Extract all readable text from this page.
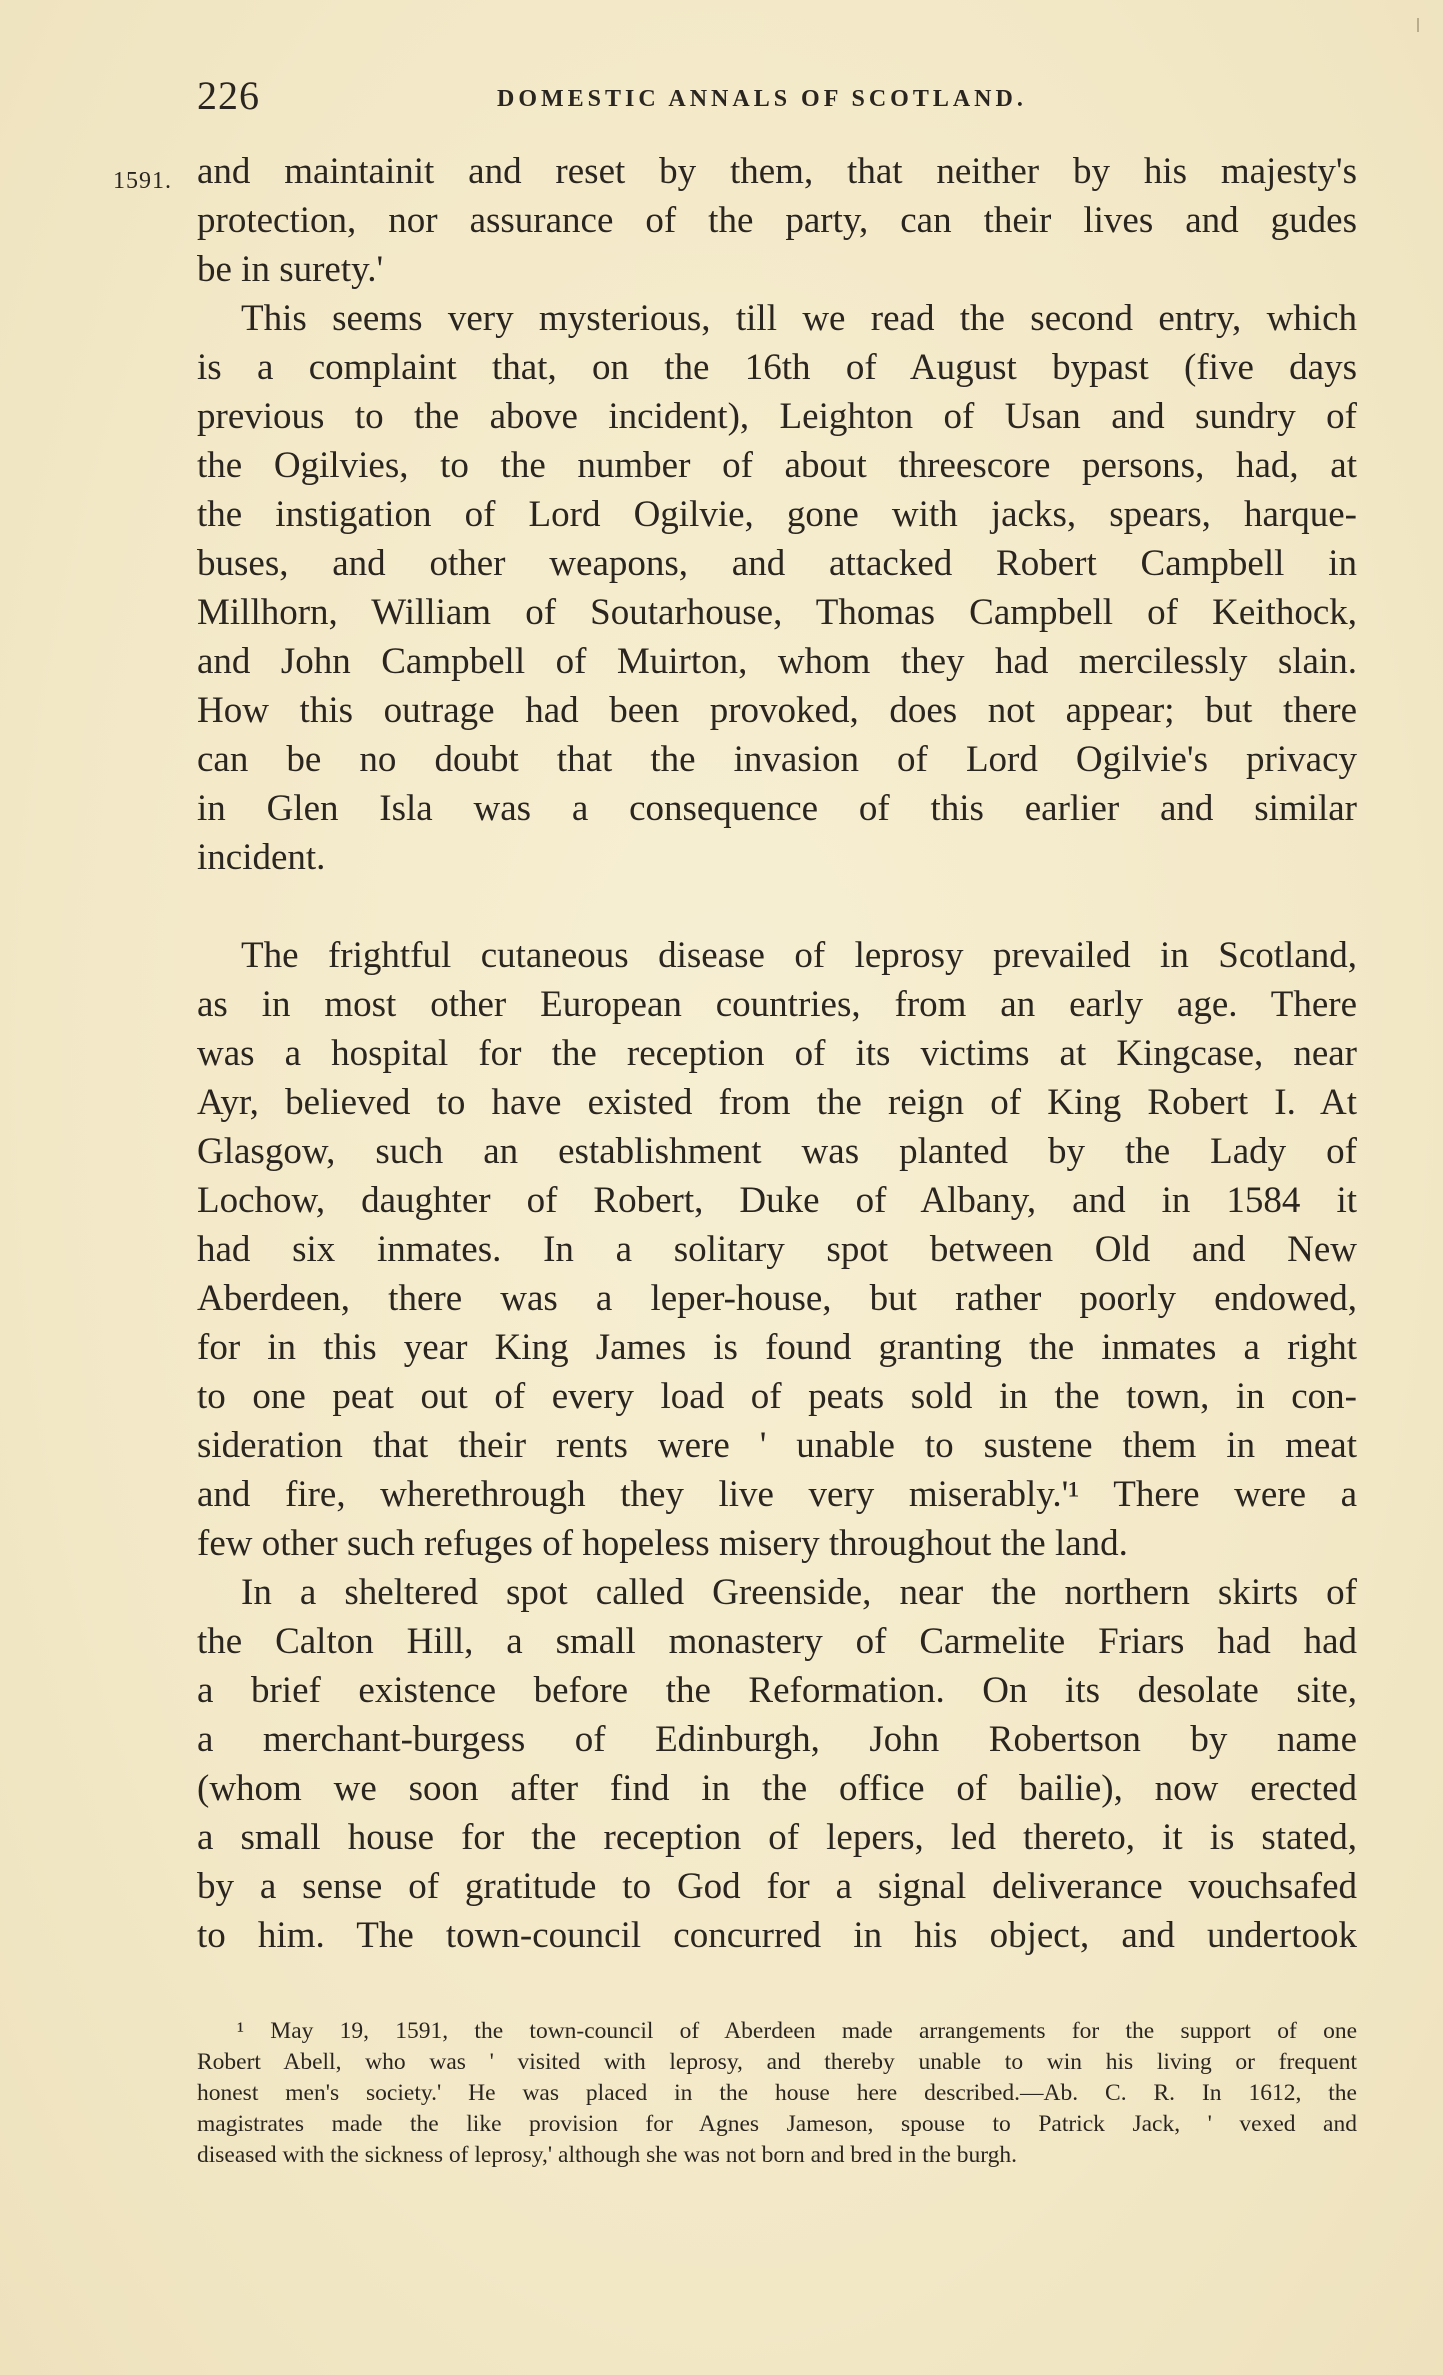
226	DOMESTIC ANNALS OF SCOTLAND.
1591. and maintainit and reset by them, that neither by his majesty's
protection, nor assurance of the party, can their lives and gudes
be in surety.'
This seems very mysterious, till we read the second entry, which
is a complaint that, on the 16th of August bypast (five days
previous to the above incident), Leighton of Usan and sundry of
the Ogilvies, to the number of about threescore persons, had, at
the instigation of Lord Ogilvie, gone with jacks, spears, harque-
buses, and other weapons, and attacked Robert Campbell in
Millhorn, William of Soutarhouse, Thomas Campbell of Keithock,
and John Campbell of Muirton, whom they had mercilessly slain.
How this outrage had been provoked, does not appear; but there
can be no doubt that the invasion of Lord Ogilvie's privacy
in Glen Isla was a consequence of this earlier and similar
incident.
The frightful cutaneous disease of leprosy prevailed in Scotland,
as in most other European countries, from an early age. There
was a hospital for the reception of its victims at Kingcase, near
Ayr, believed to have existed from the reign of King Robert I. At
Glasgow, such an establishment was planted by the Lady of
Lochow, daughter of Robert, Duke of Albany, and in 1584 it
had six inmates. In a solitary spot between Old and New
Aberdeen, there was a leper-house, but rather poorly endowed,
for in this year King James is found granting the inmates a right
to one peat out of every load of peats sold in the town, in con-
sideration that their rents were ' unable to sustene them in meat
and fire, wherethrough they live very miserably.'¹ There were a
few other such refuges of hopeless misery throughout the land.
In a sheltered spot called Greenside, near the northern skirts of
the Calton Hill, a small monastery of Carmelite Friars had had
a brief existence before the Reformation. On its desolate site,
a merchant-burgess of Edinburgh, John Robertson by name
(whom we soon after find in the office of bailie), now erected
a small house for the reception of lepers, led thereto, it is stated,
by a sense of gratitude to God for a signal deliverance vouchsafed
to him. The town-council concurred in his object, and undertook
¹ May 19, 1591, the town-council of Aberdeen made arrangements for the support of one
Robert Abell, who was ' visited with leprosy, and thereby unable to win his living or frequent
honest men's society.' He was placed in the house here described.—Ab. C. R. In 1612, the
magistrates made the like provision for Agnes Jameson, spouse to Patrick Jack, ' vexed and
diseased with the sickness of leprosy,' although she was not born and bred in the burgh.
